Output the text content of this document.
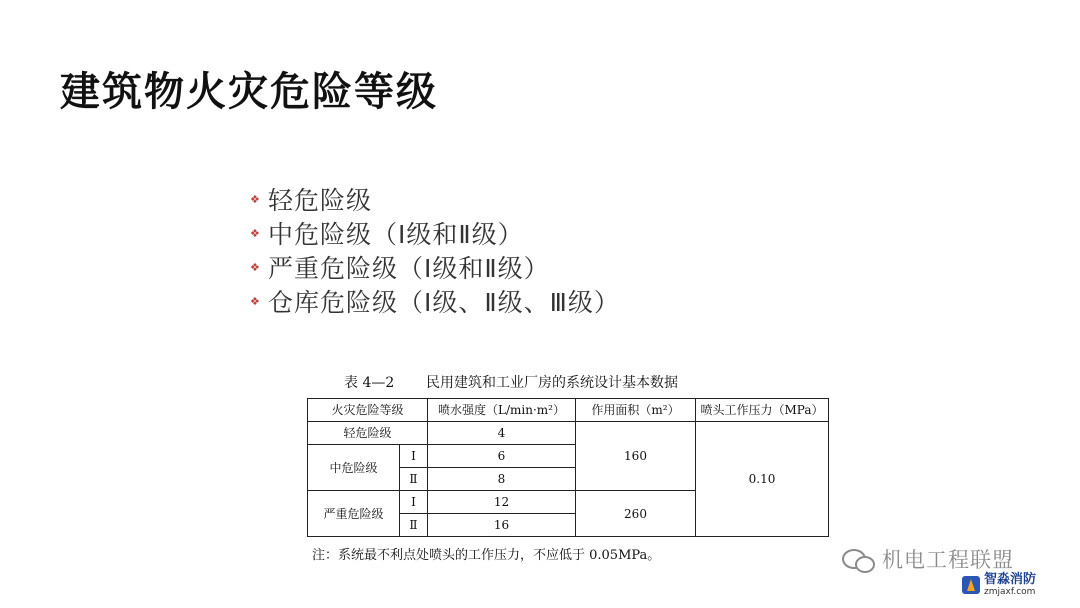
建筑物火灾危险等级
❖ 轻危险级
❖ 中危险级（Ⅰ级和Ⅱ级）
❖ 严重危险级（Ⅰ级和Ⅱ级）
❖ 仓库危险级（Ⅰ级、Ⅱ级、Ⅲ级）
表 4—2 民用建筑和工业厂房的系统设计基本数据
火灾危险等级		喷水强度（L/min·m²）	作用面积（m²）	喷头工作压力（MPa）
轻危险级		4	160	0.10
中危险级	Ⅰ	6		
	Ⅱ	8		
严重危险级	Ⅰ	12	260	
	Ⅱ	16		
注：系统最不利点处喷头的工作压力，不应低于 0.05MPa。	机电工程联盟
智淼消防
zmjaxf.com
